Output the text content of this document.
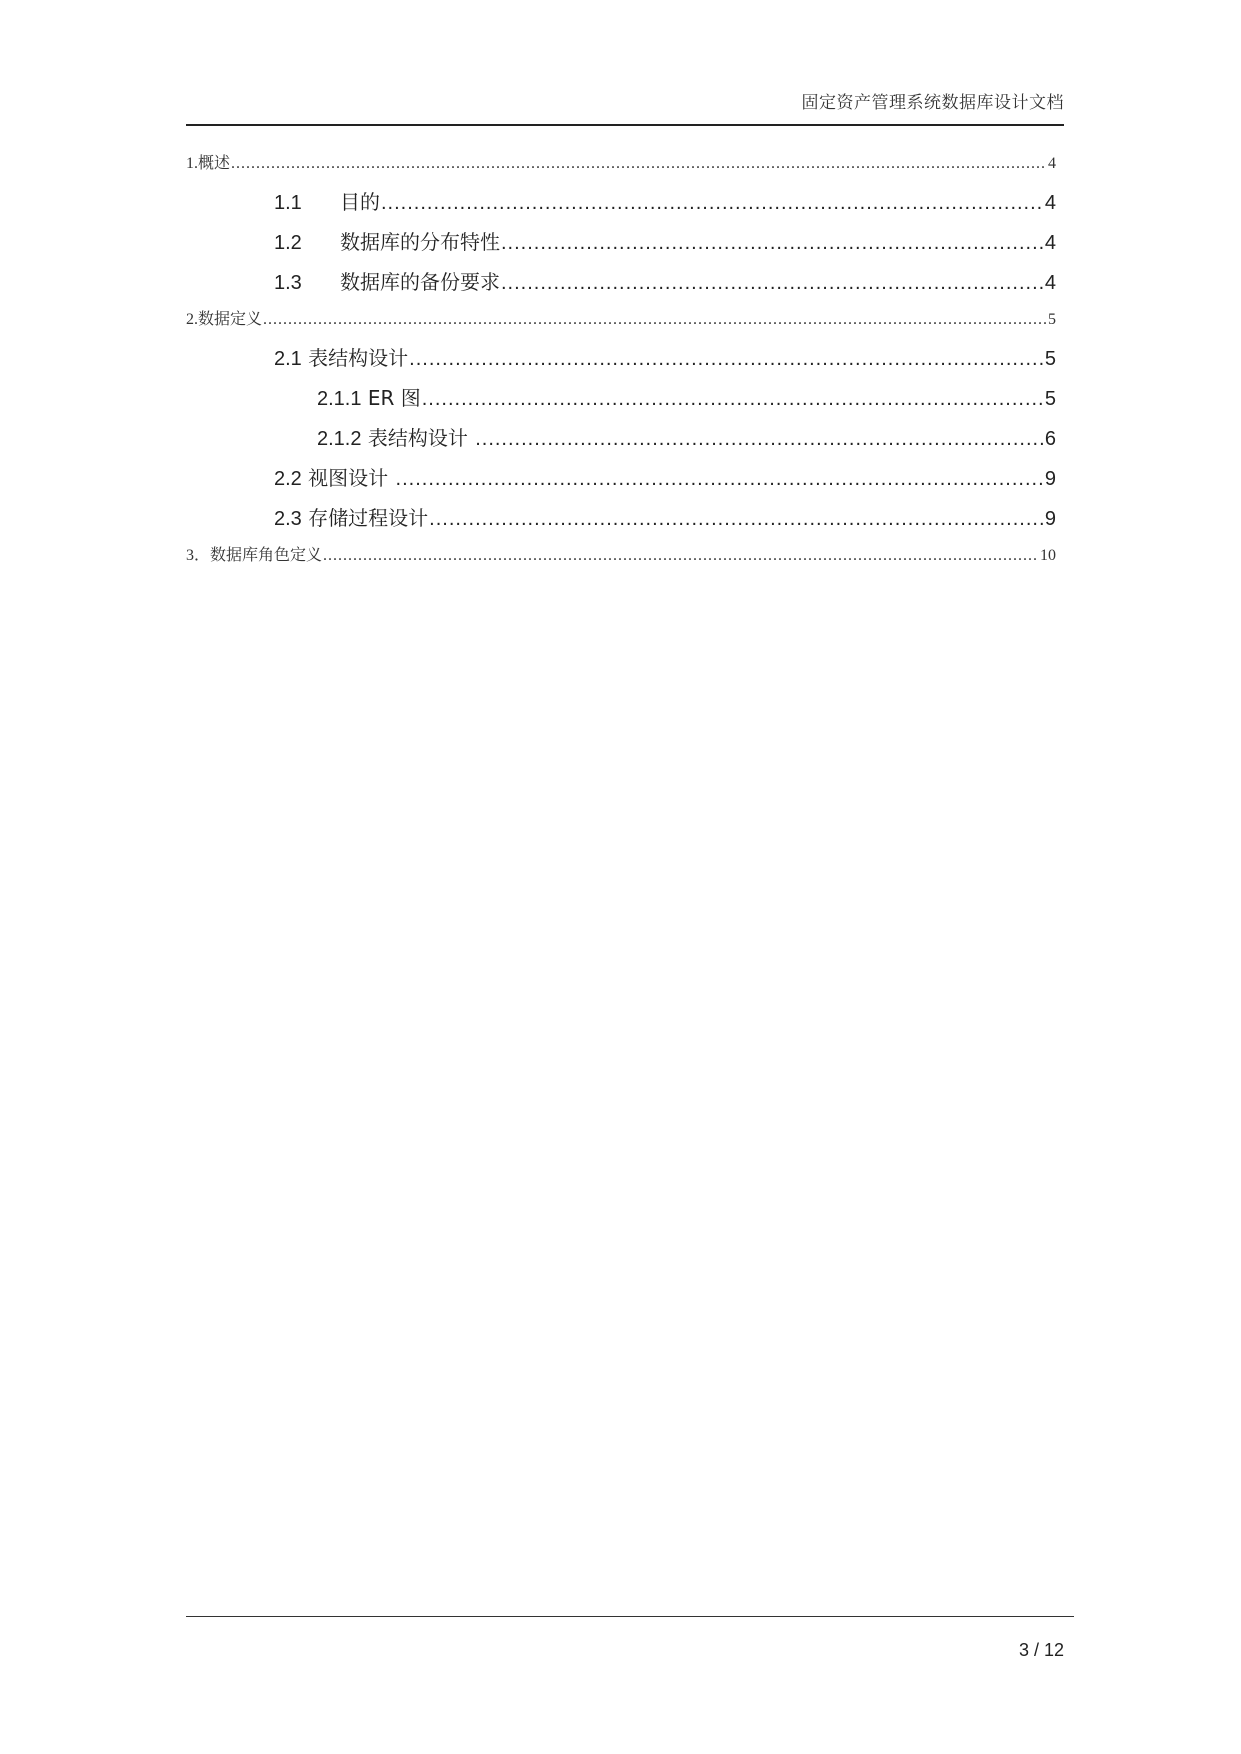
固定资产管理系统数据库设计文档
1. 概述 .....	4
1.1	目的 .....	4
1.2	数据库的分布特性 .....	4
1.3	数据库的备份要求 .....	4
2. 数据定义 .....	5
2.1 表结构设计 .....	5
2.1.1 ER 图 .....	5
2.1.2 表结构设计 .....	6
2.2 视图设计 .....	9
2.3 存储过程设计 .....	9
3． 数据库角色定义 .....	10
3 / 12
